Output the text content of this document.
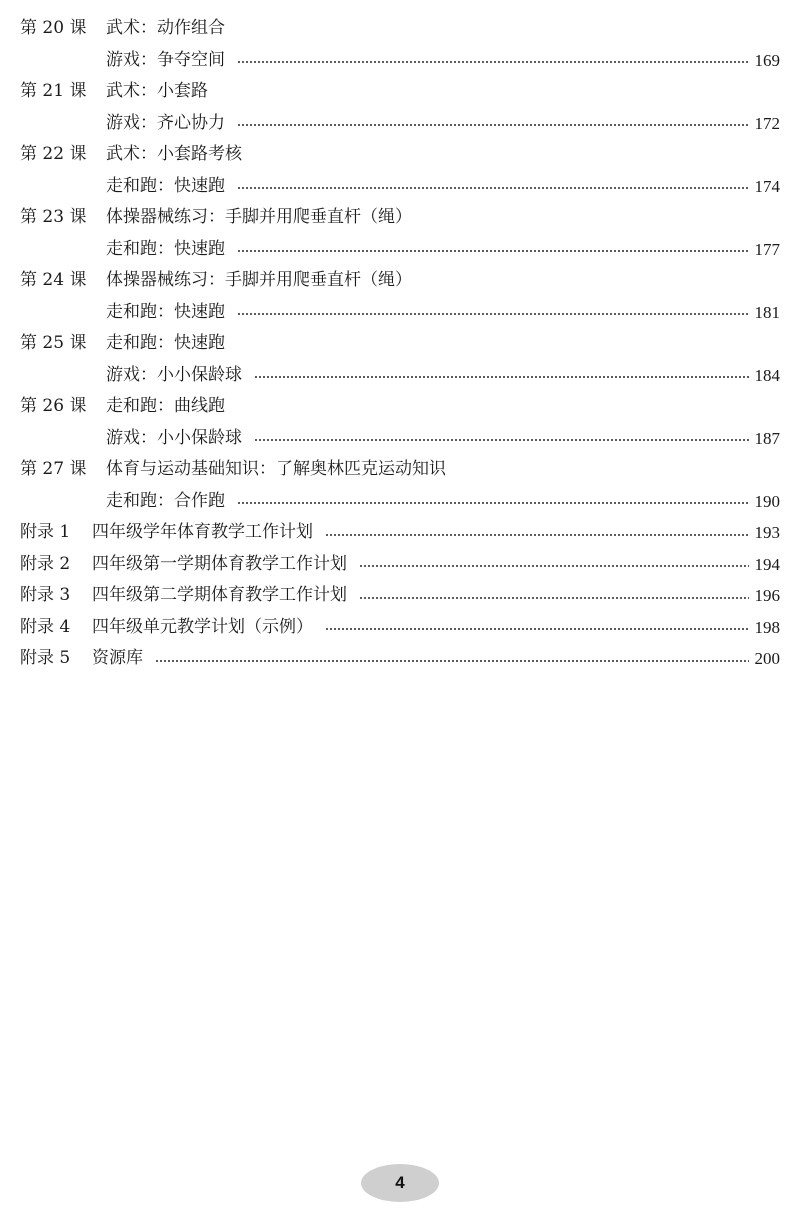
第 20 课 武术：动作组合
游戏：争夺空间	169
第 21 课 武术：小套路
游戏：齐心协力	172
第 22 课 武术：小套路考核
走和跑：快速跑	174
第 23 课 体操器械练习：手脚并用爬垂直杆（绳）
走和跑：快速跑	177
第 24 课 体操器械练习：手脚并用爬垂直杆（绳）
走和跑：快速跑	181
第 25 课 走和跑：快速跑
游戏：小小保龄球	184
第 26 课 走和跑：曲线跑
游戏：小小保龄球	187
第 27 课 体育与运动基础知识：了解奥林匹克运动知识
走和跑：合作跑	190
附录 1 四年级学年体育教学工作计划	193
附录 2 四年级第一学期体育教学工作计划	194
附录 3 四年级第二学期体育教学工作计划	196
附录 4 四年级单元教学计划（示例）	198
附录 5 资源库	200
4
